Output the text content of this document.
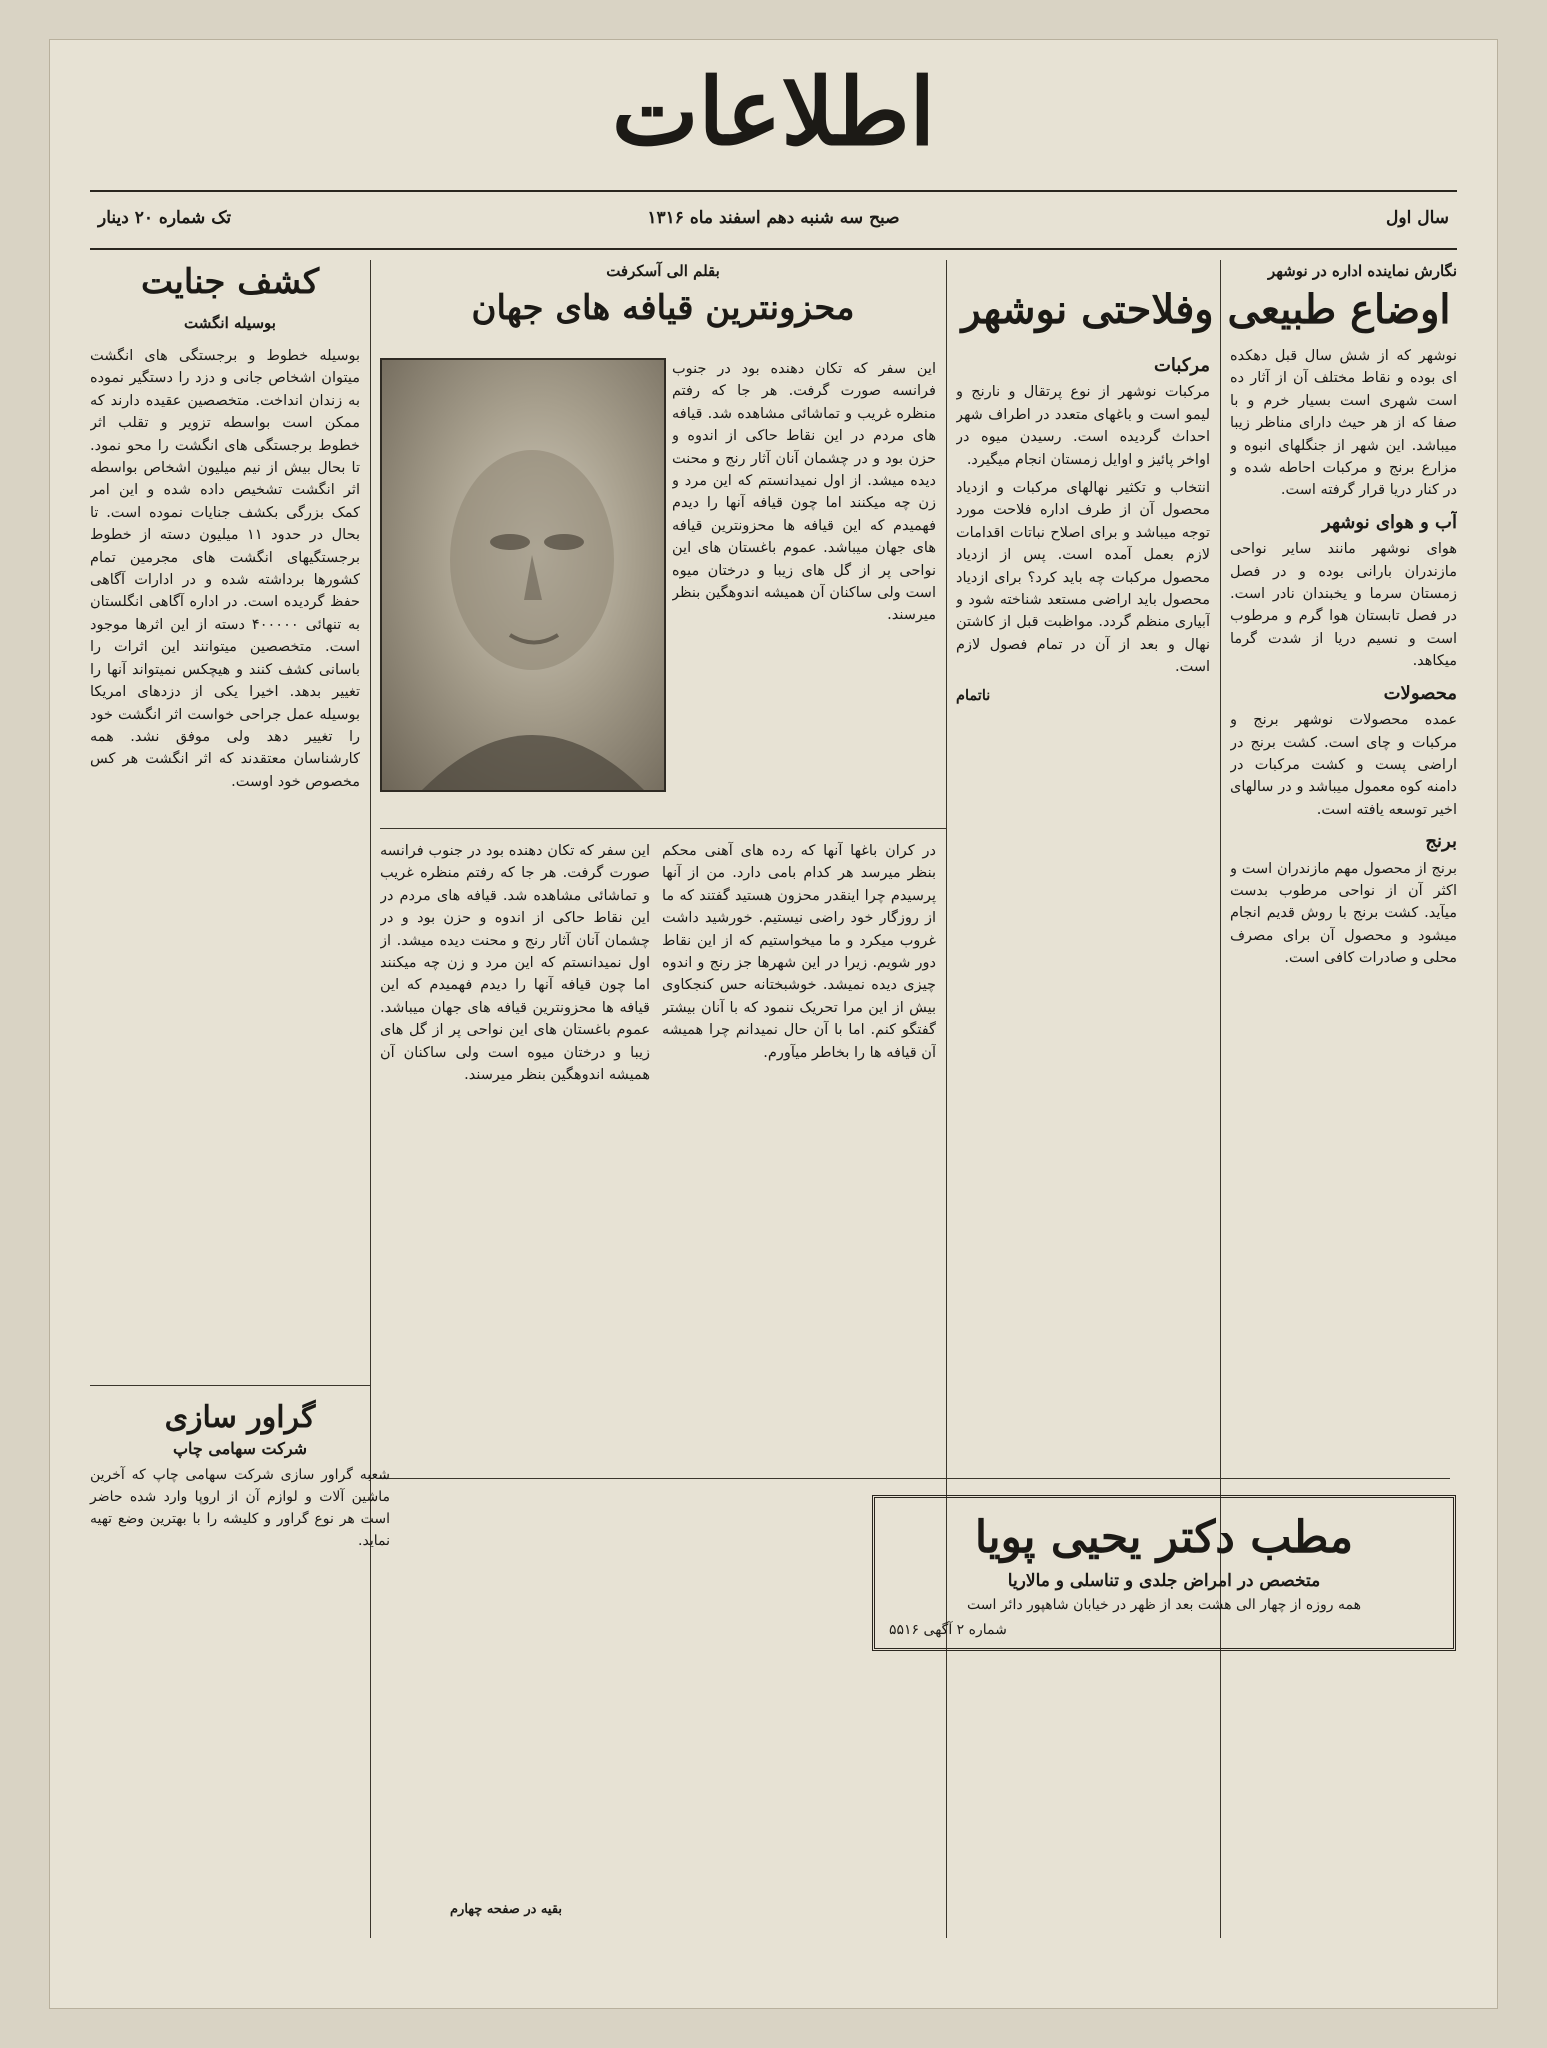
اطلاعات
سال اول
صبح سه شنبه دهم اسفند ماه ۱۳۱۶
تک شماره ۲۰ دینار
نگارش نماینده اداره در نوشهر
اوضاع طبیعی وفلاحتی نوشهر

نوشهر که از شش سال قبل دهکده ای بوده و نقاط مختلف آن از آثار ده است شهری است بسیار خرم و با صفا که از هر حیث دارای مناظر زیبا میباشد. این شهر از جنگلهای انبوه و مزارع برنج و مرکبات احاطه شده و در کنار دریا قرار گرفته است.

آب و هوای نوشهر

هوای نوشهر مانند سایر نواحی مازندران بارانی بوده و در فصل زمستان سرما و یخبندان نادر است. در فصل تابستان هوا گرم و مرطوب است و نسیم دریا از شدت گرما میکاهد.

محصولات

عمده محصولات نوشهر برنج و مرکبات و چای است. کشت برنج در اراضی پست و کشت مرکبات در دامنه کوه معمول میباشد و در سالهای اخیر توسعه یافته است.

برنج

برنج از محصول مهم مازندران است و اکثر آن از نواحی مرطوب بدست میآید. کشت برنج با روش قدیم انجام میشود و محصول آن برای مصرف محلی و صادرات کافی است.

مرکبات

مرکبات نوشهر از نوع پرتقال و نارنج و لیمو است و باغهای متعدد در اطراف شهر احداث گردیده است. رسیدن میوه در اواخر پائیز و اوایل زمستان انجام میگیرد.

انتخاب و تکثیر نهالهای مرکبات و ازدیاد محصول آن از طرف اداره فلاحت مورد توجه میباشد و برای اصلاح نباتات اقدامات لازم بعمل آمده است. پس از ازدیاد محصول مرکبات چه باید کرد؟ برای ازدیاد محصول باید اراضی مستعد شناخته شود و آبیاری منظم گردد. مواظبت قبل از کاشتن نهال و بعد از آن در تمام فصول لازم است.

ناتمام

بقلم الی آسکرفت
محزونترین قیافه های جهان

این سفر که تکان دهنده بود در جنوب فرانسه صورت گرفت. هر جا که رفتم منظره غریب و تماشائی مشاهده شد. قیافه های مردم در این نقاط حاکی از اندوه و حزن بود و در چشمان آنان آثار رنج و محنت دیده میشد. از اول نمیدانستم که این مرد و زن چه میکنند اما چون قیافه آنها را دیدم فهمیدم که این قیافه ها محزونترین قیافه های جهان میباشد. عموم باغستان های این نواحی پر از گل های زیبا و درختان میوه است ولی ساکنان آن همیشه اندوهگین بنظر میرسند.

در کران باغها آنها که رده های آهنی محکم بنظر میرسد هر کدام بامی دارد. من از آنها پرسیدم چرا اینقدر محزون هستید گفتند که ما از روزگار خود راضی نیستیم. خورشید داشت غروب میکرد و ما میخواستیم که از این نقاط دور شویم. زیرا در این شهرها جز رنج و اندوه چیزی دیده نمیشد. خوشبختانه حس کنجکاوی بیش از این مرا تحریک ننمود که با آنان بیشتر گفتگو کنم. اما با آن حال نمیدانم چرا همیشه آن قیافه ها را بخاطر میآورم.

این سفر که تکان دهنده بود در جنوب فرانسه صورت گرفت. هر جا که رفتم منظره غریب و تماشائی مشاهده شد. قیافه های مردم در این نقاط حاکی از اندوه و حزن بود و در چشمان آنان آثار رنج و محنت دیده میشد. از اول نمیدانستم که این مرد و زن چه میکنند اما چون قیافه آنها را دیدم فهمیدم که این قیافه ها محزونترین قیافه های جهان میباشد. عموم باغستان های این نواحی پر از گل های زیبا و درختان میوه است ولی ساکنان آن همیشه اندوهگین بنظر میرسند.

بقیه در صفحه چهارم
کشف جنایت
بوسیله انگشت

بوسیله خطوط و برجستگی های انگشت میتوان اشخاص جانی و دزد را دستگیر نموده به زندان انداخت. متخصصین عقیده دارند که ممکن است بواسطه تزویر و تقلب اثر خطوط برجستگی های انگشت را محو نمود. تا بحال بیش از نیم میلیون اشخاص بواسطه اثر انگشت تشخیص داده شده و این امر کمک بزرگی بکشف جنایات نموده است. تا بحال در حدود ۱۱ میلیون دسته از خطوط برجستگیهای انگشت های مجرمین تمام کشورها برداشته شده و در ادارات آگاهی حفظ گردیده است. در اداره آگاهی انگلستان به تنهائی ۴۰۰۰۰۰ دسته از این اثرها موجود است. متخصصین میتوانند این اثرات را باسانی کشف کنند و هیچکس نمیتواند آنها را تغییر بدهد. اخیرا یکی از دزدهای امریکا بوسیله عمل جراحی خواست اثر انگشت خود را تغییر دهد ولی موفق نشد. همه کارشناسان معتقدند که اثر انگشت هر کس مخصوص خود اوست.

گراور سازی
شرکت سهامی چاپ
شعبه گراور سازی شرکت سهامی چاپ که آخرین ماشین آلات و لوازم آن از اروپا وارد شده حاضر است هر نوع گراور و کلیشه را با بهترین وضع تهیه نماید.	مطب دکتر یحیی پویا
متخصص در امراض جلدی و تناسلی و مالاریا
همه روزه از چهار الی هشت بعد از ظهر در خیابان شاهپور دائر است
شماره ۲ آگهی ۵۵۱۶
